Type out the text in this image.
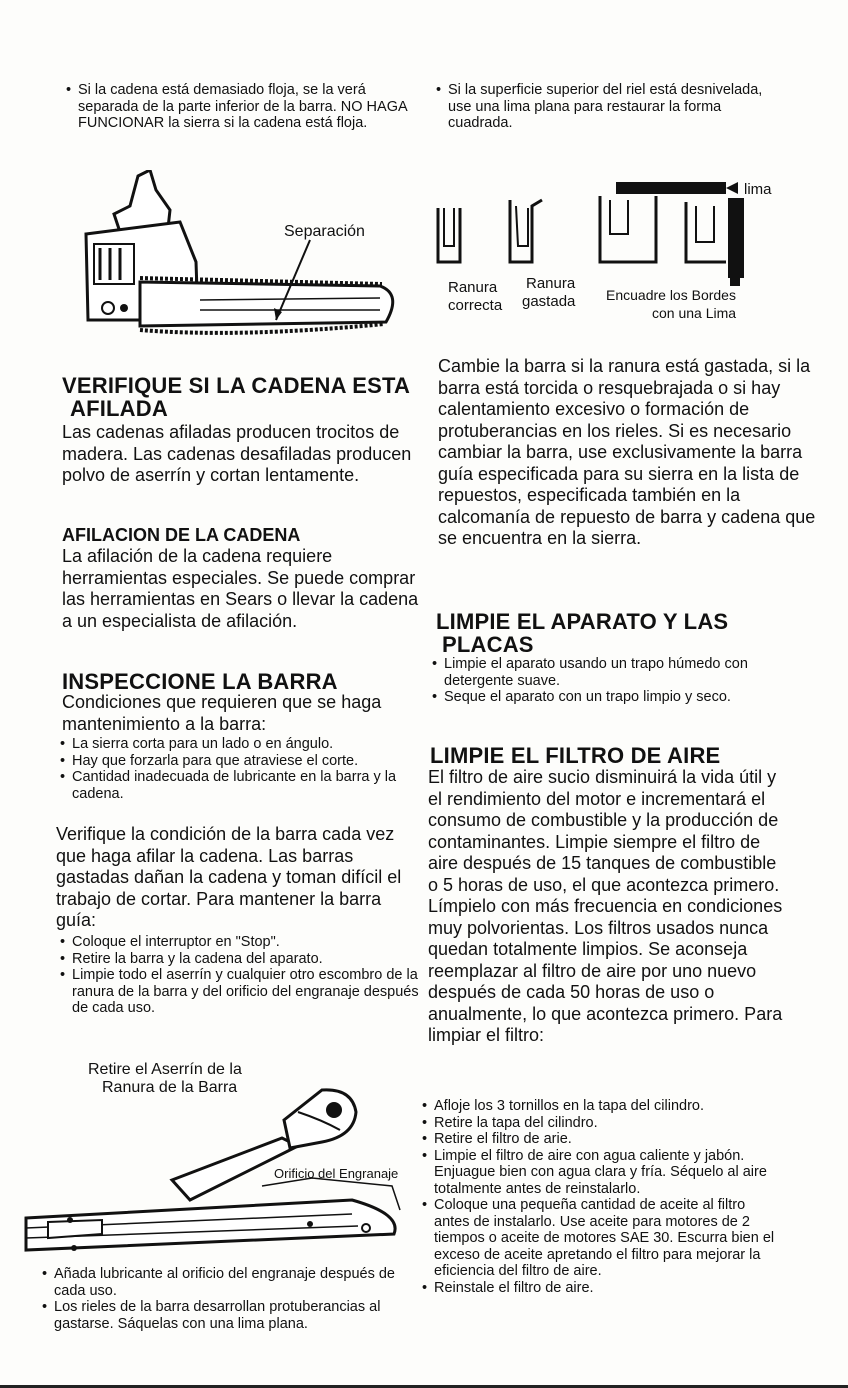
• Si la cadena está demasiado floja, se la verá separada de la parte inferior de la barra. NO HAGA FUNCIONAR la sierra si la cadena está floja.
Separación
VERIFIQUE SI LA CADENA ESTA
AFILADA

Las cadenas afiladas producen trocitos de madera. Las cadenas desafiladas producen polvo de aserrín y cortan lentamente.

AFILACION DE LA CADENA

La afilación de la cadena requiere herramientas especiales. Se puede comprar las herramientas en Sears o llevar la cadena a un especialista de afilación.

INSPECCIONE LA BARRA

Condiciones que requieren que se haga mantenimiento a la barra:

• La sierra corta para un lado o en ángulo.
• Hay que forzarla para que atraviese el corte.
• Cantidad inadecuada de lubricante en la barra y la cadena.

Verifique la condición de la barra cada vez que haga afilar la cadena. Las barras gastadas dañan la cadena y toman difícil el trabajo de cortar. Para mantener la barra guía:

• Coloque el interruptor en "Stop".
• Retire la barra y la cadena del aparato.
• Limpie todo el aserrín y cualquier otro escombro de la ranura de la barra y del orificio del engranaje después de cada uso.
Retire el Aserrín de la
Ranura de la Barra
Orificio del Engranaje
• Añada lubricante al orificio del engranaje después de cada uso.
• Los rieles de la barra desarrollan protuberancias al gastarse. Sáquelas con una lima plana.
• Si la superficie superior del riel está desnivelada, use una lima plana para restaurar la forma cuadrada.
lima
Ranura
correcta
Ranura
gastada Encuadre los Bordes
con una Lima

Cambie la barra si la ranura está gastada, si la barra está torcida o resquebrajada o si hay calentamiento excesivo o formación de protuberancias en los rieles. Si es necesario cambiar la barra, use exclusivamente la barra guía especificada para su sierra en la lista de repuestos, especificada también en la calcomanía de repuesto de barra y cadena que se encuentra en la sierra.

LIMPIE EL APARATO Y LAS
PLACAS
• Limpie el aparato usando un trapo húmedo con detergente suave.
• Seque el aparato con un trapo limpio y seco.
LIMPIE EL FILTRO DE AIRE

El filtro de aire sucio disminuirá la vida útil y el rendimiento del motor e incrementará el consumo de combustible y la producción de contaminantes. Limpie siempre el filtro de aire después de 15 tanques de combustible o 5 horas de uso, el que acontezca primero. Límpielo con más frecuencia en condiciones muy polvorientas. Los filtros usados nunca quedan totalmente limpios. Se aconseja reemplazar al filtro de aire por uno nuevo después de cada 50 horas de uso o anualmente, lo que acontezca primero. Para limpiar el filtro:

• Afloje los 3 tornillos en la tapa del cilindro.
• Retire la tapa del cilindro.
• Retire el filtro de arie.
• Limpie el filtro de aire con agua caliente y jabón. Enjuague bien con agua clara y fría. Séquelo al aire totalmente antes de reinstalarlo.
• Coloque una pequeña cantidad de aceite al filtro antes de instalarlo. Use aceite para motores de 2 tiempos o aceite de motores SAE 30. Escurra bien el exceso de aceite apretando el filtro para mejorar la eficiencia del filtro de aire.
• Reinstale el filtro de aire.
